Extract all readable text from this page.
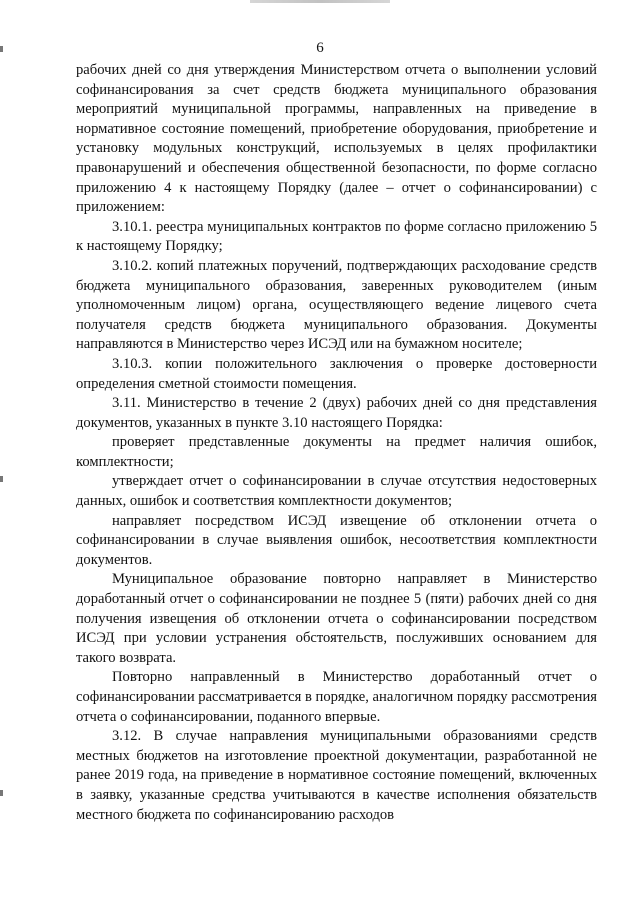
6

рабочих дней со дня утверждения Министерством отчета о выполнении условий софинансирования за счет средств бюджета муниципального образования мероприятий муниципальной программы, направленных на приведение в нормативное состояние помещений, приобретение оборудования, приобретение и установку модульных конструкций, используемых в целях профилактики правонарушений и обеспечения общественной безопасности, по форме согласно приложению 4 к настоящему Порядку (далее – отчет о софинансировании) с приложением:

3.10.1. реестра муниципальных контрактов по форме согласно приложению 5 к настоящему Порядку;

3.10.2. копий платежных поручений, подтверждающих расходование средств бюджета муниципального образования, заверенных руководителем (иным уполномоченным лицом) органа, осуществляющего ведение лицевого счета получателя средств бюджета муниципального образования. Документы направляются в Министерство через ИСЭД или на бумажном носителе;

3.10.3. копии положительного заключения о проверке достоверности определения сметной стоимости помещения.

3.11. Министерство в течение 2 (двух) рабочих дней со дня представления документов, указанных в пункте 3.10 настоящего Порядка:

проверяет представленные документы на предмет наличия ошибок, комплектности;

утверждает отчет о софинансировании в случае отсутствия недостоверных данных, ошибок и соответствия комплектности документов;

направляет посредством ИСЭД извещение об отклонении отчета о софинансировании в случае выявления ошибок, несоответствия комплектности документов.

Муниципальное образование повторно направляет в Министерство доработанный отчет о софинансировании не позднее 5 (пяти) рабочих дней со дня получения извещения об отклонении отчета о софинансировании посредством ИСЭД при условии устранения обстоятельств, послуживших основанием для такого возврата.

Повторно направленный в Министерство доработанный отчет о софинансировании рассматривается в порядке, аналогичном порядку рассмотрения отчета о софинансировании, поданного впервые.

3.12. В случае направления муниципальными образованиями средств местных бюджетов на изготовление проектной документации, разработанной не ранее 2019 года, на приведение в нормативное состояние помещений, включенных в заявку, указанные средства учитываются в качестве исполнения обязательств местного бюджета по софинансированию расходов
